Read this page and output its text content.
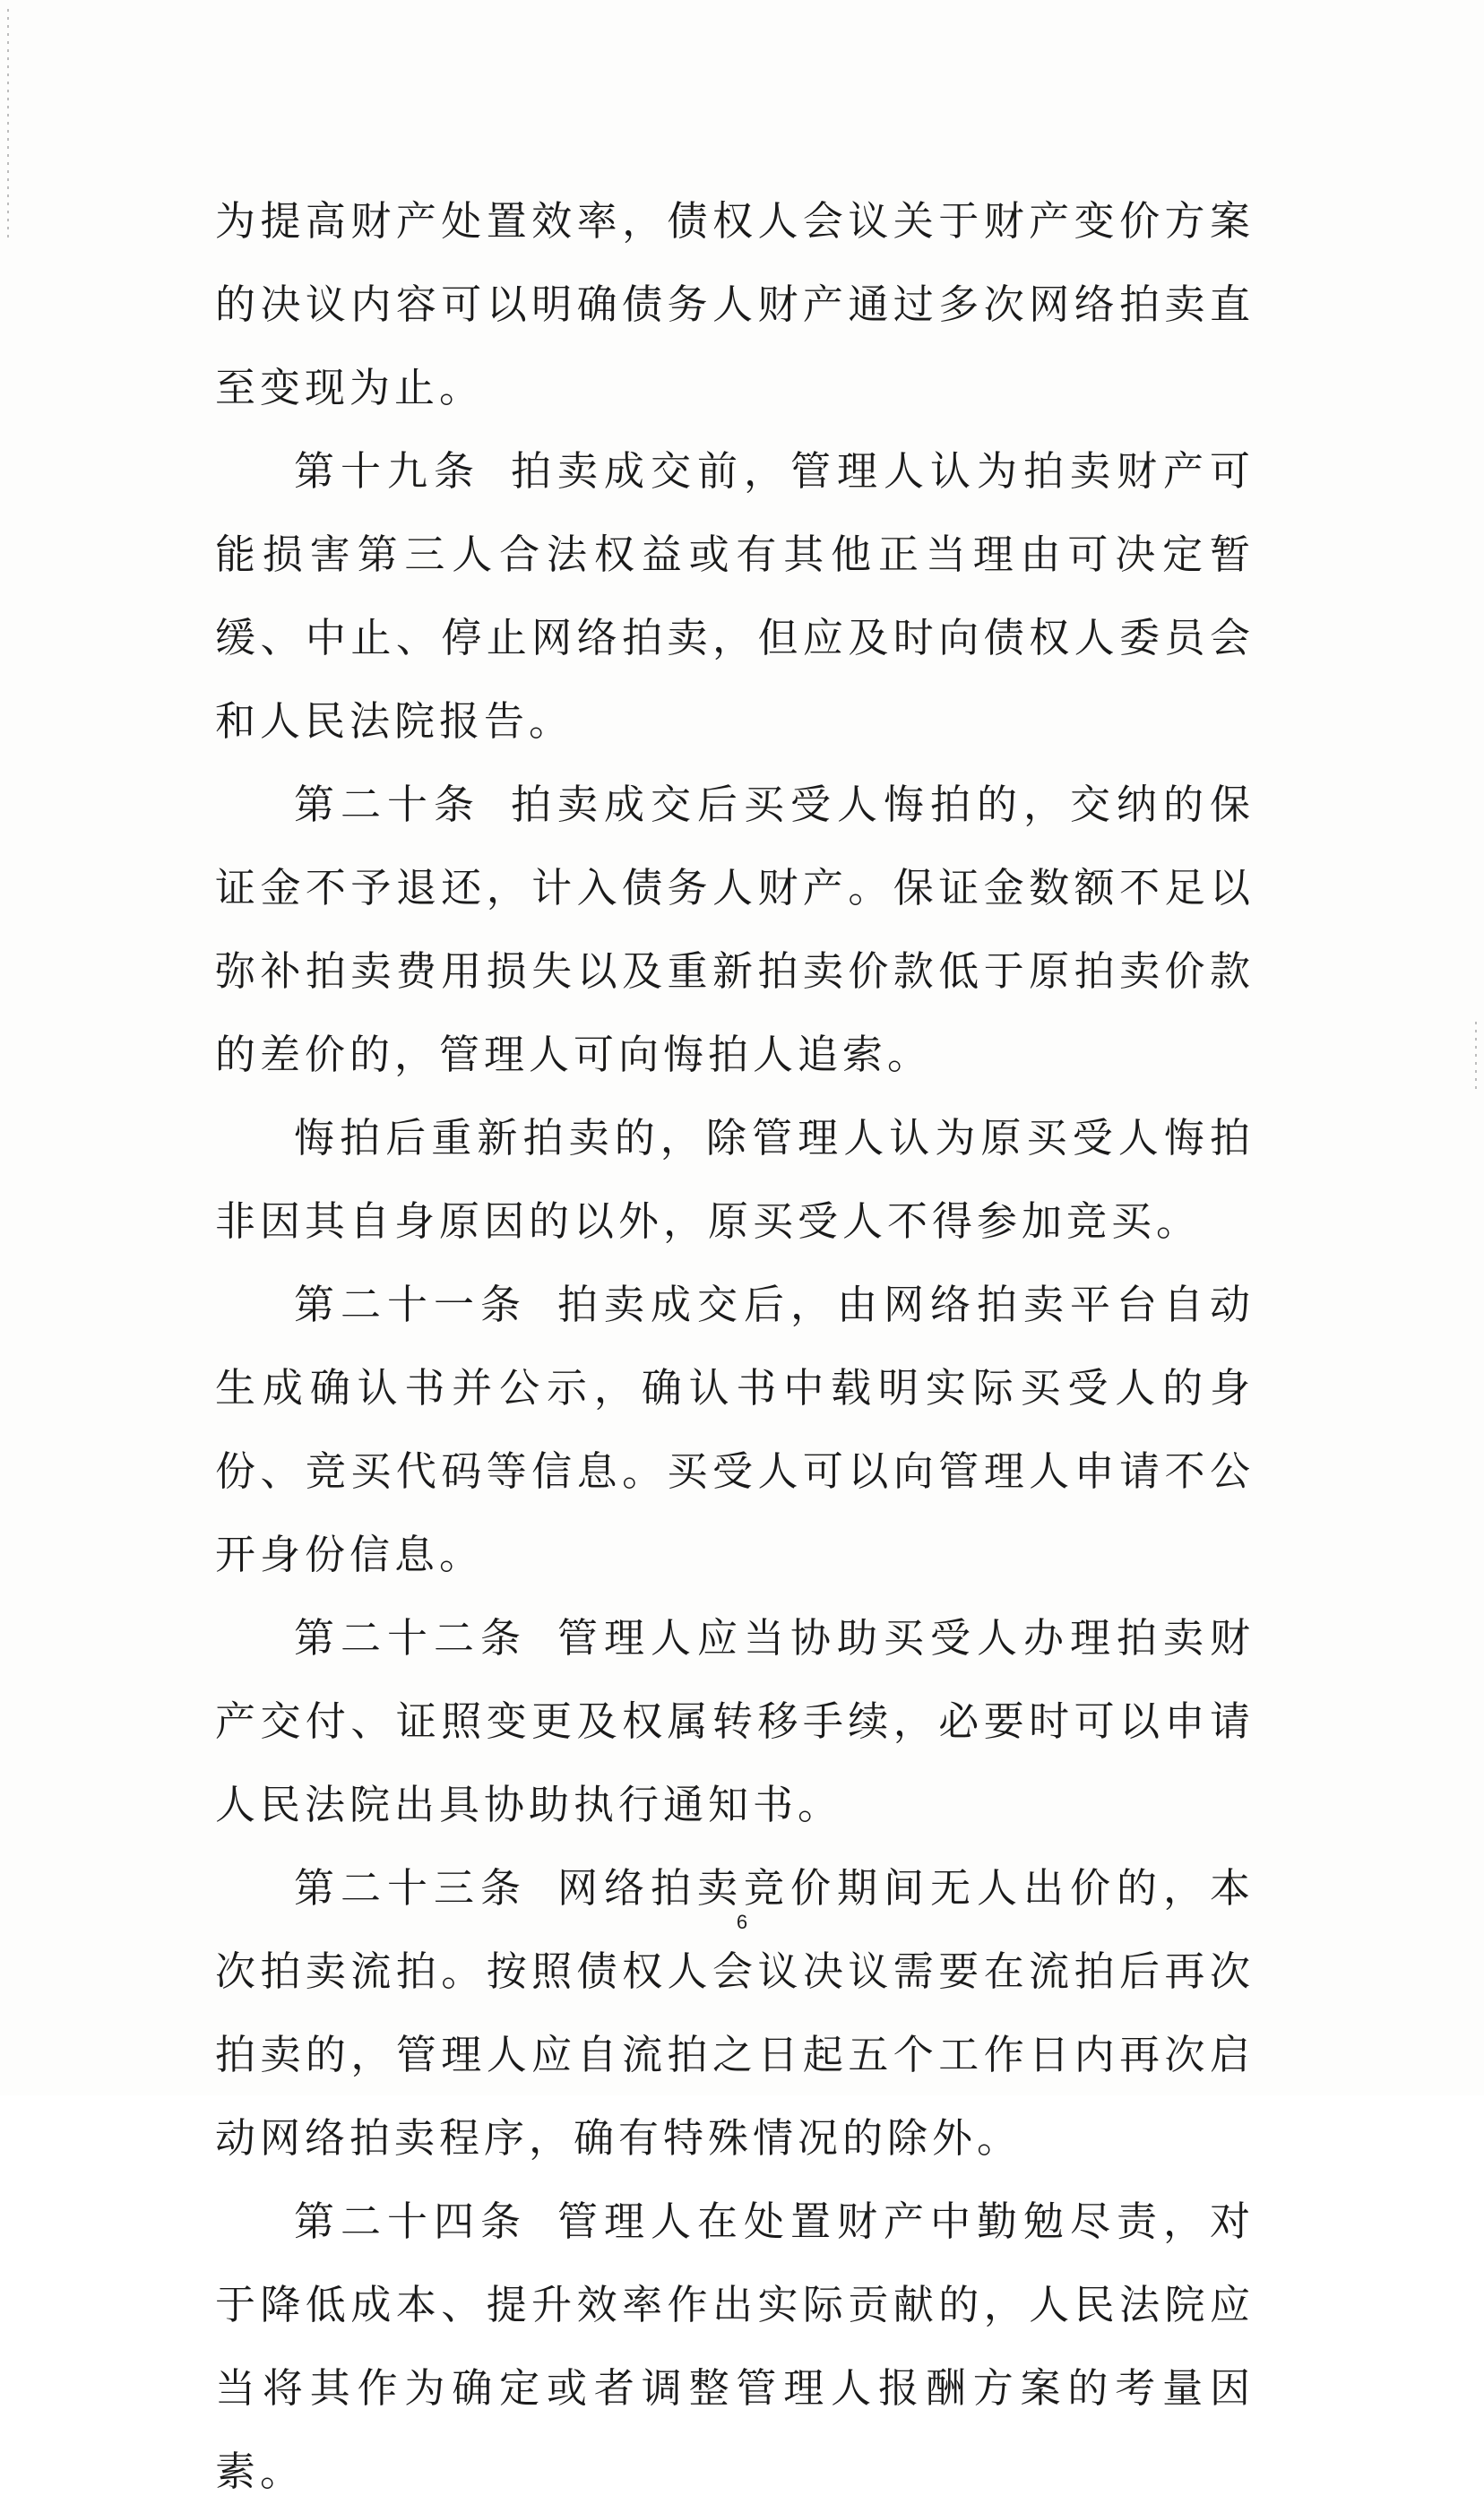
为提高财产处置效率，债权人会议关于财产变价方案的决议内容可以明确债务人财产通过多次网络拍卖直至变现为止。

第十九条 拍卖成交前，管理人认为拍卖财产可能损害第三人合法权益或有其他正当理由可决定暂缓、中止、停止网络拍卖，但应及时向债权人委员会和人民法院报告。

第二十条 拍卖成交后买受人悔拍的，交纳的保证金不予退还，计入债务人财产。保证金数额不足以弥补拍卖费用损失以及重新拍卖价款低于原拍卖价款的差价的，管理人可向悔拍人追索。

悔拍后重新拍卖的，除管理人认为原买受人悔拍非因其自身原因的以外，原买受人不得参加竞买。

第二十一条 拍卖成交后，由网络拍卖平台自动生成确认书并公示，确认书中载明实际买受人的身份、竞买代码等信息。买受人可以向管理人申请不公开身份信息。

第二十二条 管理人应当协助买受人办理拍卖财产交付、证照变更及权属转移手续，必要时可以申请人民法院出具协助执行通知书。

第二十三条 网络拍卖竞价期间无人出价的，本次拍卖流拍。按照债权人会议决议需要在流拍后再次拍卖的，管理人应自流拍之日起五个工作日内再次启动网络拍卖程序，确有特殊情况的除外。

第二十四条 管理人在处置财产中勤勉尽责，对于降低成本、提升效率作出实际贡献的，人民法院应当将其作为确定或者调整管理人报酬方案的考量因素。

6
